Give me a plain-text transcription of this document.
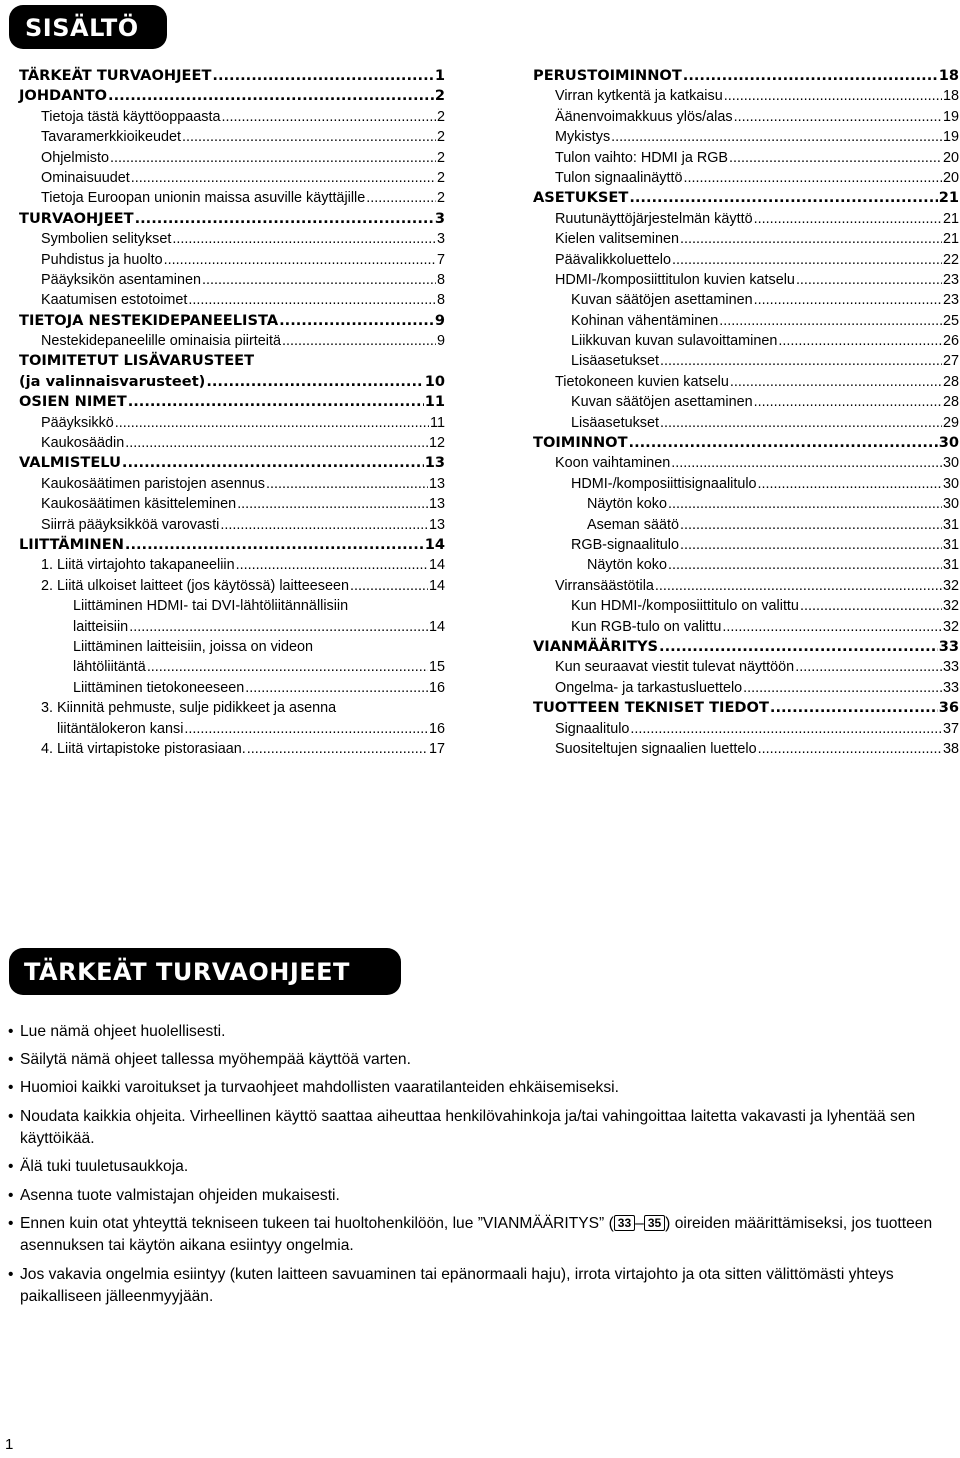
SISÄLTÖ
TÄRKEÄT TURVAOHJEET .....	1
JOHDANTO .....	2
Tietoja tästä käyttöoppaasta .....	2
Tavaramerkkioikeudet .....	2
Ohjelmisto .....	2
Ominaisuudet .....	2
Tietoja Euroopan unionin maissa asuville käyttäjille .....	2
TURVAOHJEET .....	3
Symbolien selitykset .....	3
Puhdistus ja huolto .....	7
Pääyksikön asentaminen .....	8
Kaatumisen estotoimet .....	8
TIETOJA NESTEKIDEPANEELISTA .....	9
Nestekidepaneelille ominaisia piirteitä .....	9
TOIMITETUT LISÄVARUSTEET
(ja valinnaisvarusteet) .....	10
OSIEN NIMET .....	11
Pääyksikkö .....	11
Kaukosäädin .....	12
VALMISTELU .....	13
Kaukosäätimen paristojen asennus .....	13
Kaukosäätimen käsitteleminen .....	13
Siirrä pääyksikköä varovasti .....	13
LIITTÄMINEN .....	14
1. Liitä virtajohto takapaneeliin .....	14
2. Liitä ulkoiset laitteet (jos käytössä) laitteeseen .....	14
Liittäminen HDMI- tai DVI-lähtöliitännällisiin
laitteisiin .....	14
Liittäminen laitteisiin, joissa on videon
lähtöliitäntä .....	15
Liittäminen tietokoneeseen .....	16
3. Kiinnitä pehmuste, sulje pidikkeet ja asenna
liitäntälokeron kansi .....	16
4. Liitä virtapistoke pistorasiaan. .....	17
PERUSTOIMINNOT .....	18
Virran kytkentä ja katkaisu .....	18
Äänenvoimakkuus ylös/alas .....	19
Mykistys .....	19
Tulon vaihto: HDMI ja RGB .....	20
Tulon signaalinäyttö .....	20
ASETUKSET .....	21
Ruutunäyttöjärjestelmän käyttö .....	21
Kielen valitseminen .....	21
Päävalikkoluettelo .....	22
HDMI-/komposiittitulon kuvien katselu .....	23
Kuvan säätöjen asettaminen .....	23
Kohinan vähentäminen .....	25
Liikkuvan kuvan sulavoittaminen .....	26
Lisäasetukset .....	27
Tietokoneen kuvien katselu .....	28
Kuvan säätöjen asettaminen .....	28
Lisäasetukset .....	29
TOIMINNOT .....	30
Koon vaihtaminen .....	30
HDMI-/komposiittisignaalitulo .....	30
Näytön koko .....	30
Aseman säätö .....	31
RGB-signaalitulo .....	31
Näytön koko .....	31
Virransäästötila .....	32
Kun HDMI-/komposiittitulo on valittu .....	32
Kun RGB-tulo on valittu .....	32
VIANMÄÄRITYS .....	33
Kun seuraavat viestit tulevat näyttöön .....	33
Ongelma- ja tarkastusluettelo .....	33
TUOTTEEN TEKNISET TIEDOT .....	36
Signaalitulo .....	37
Suositeltujen signaalien luettelo .....	38
TÄRKEÄT TURVAOHJEET
• Lue nämä ohjeet huolellisesti.
• Säilytä nämä ohjeet tallessa myöhempää käyttöä varten.
• Huomioi kaikki varoitukset ja turvaohjeet mahdollisten vaaratilanteiden ehkäisemiseksi.
• Noudata kaikkia ohjeita. Virheellinen käyttö saattaa aiheuttaa henkilövahinkoja ja/tai vahingoittaa laitetta vakavasti ja lyhentää sen käyttöikää.
• Älä tuki tuuletusaukkoja.
• Asenna tuote valmistajan ohjeiden mukaisesti.
• Ennen kuin otat yhteyttä tekniseen tukeen tai huoltohenkilöön, lue ”VIANMÄÄRITYS” ( 33 – 35 ) oireiden määrittämiseksi, jos tuotteen asennuksen tai käytön aikana esiintyy ongelmia.
• Jos vakavia ongelmia esiintyy (kuten laitteen savuaminen tai epänormaali haju), irrota virtajohto ja ota sitten välittömästi yhteys paikalliseen jälleenmyyjään.
1
